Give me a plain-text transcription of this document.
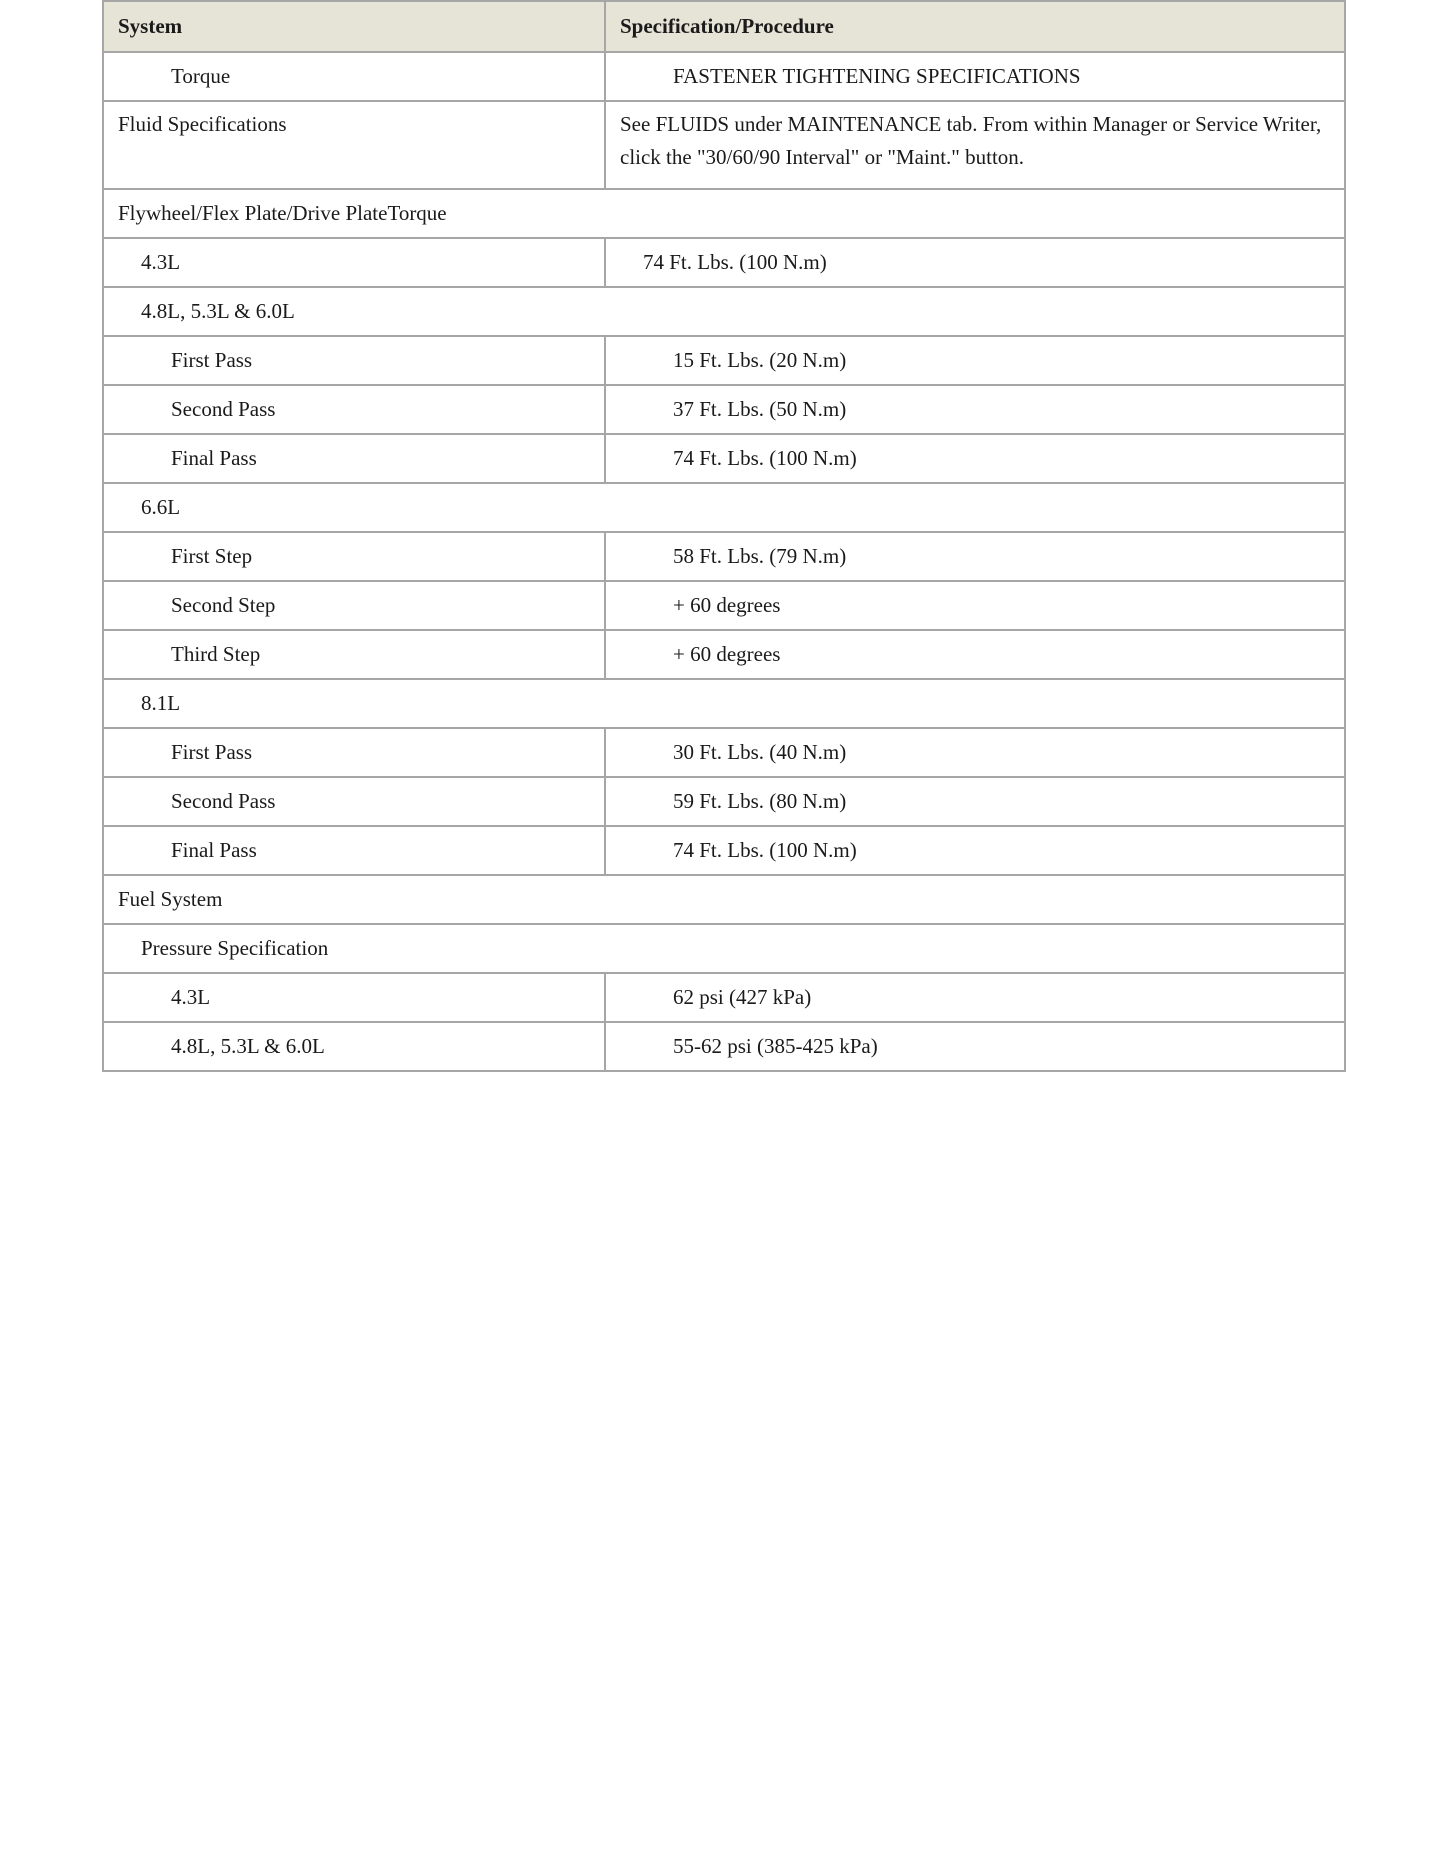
System	Specification/Procedure
Torque	FASTENER TIGHTENING SPECIFICATIONS
Fluid Specifications	See FLUIDS under MAINTENANCE tab. From within Manager or Service Writer, click the "30/60/90 Interval" or "Maint." button.
Flywheel/Flex Plate/Drive PlateTorque	
4.3L	74 Ft. Lbs. (100 N.m)
4.8L, 5.3L & 6.0L	
First Pass	15 Ft. Lbs. (20 N.m)
Second Pass	37 Ft. Lbs. (50 N.m)
Final Pass	74 Ft. Lbs. (100 N.m)
6.6L	
First Step	58 Ft. Lbs. (79 N.m)
Second Step	+ 60 degrees
Third Step	+ 60 degrees
8.1L	
First Pass	30 Ft. Lbs. (40 N.m)
Second Pass	59 Ft. Lbs. (80 N.m)
Final Pass	74 Ft. Lbs. (100 N.m)
Fuel System	
Pressure Specification	
4.3L	62 psi (427 kPa)
4.8L, 5.3L & 6.0L	55-62 psi (385-425 kPa)
